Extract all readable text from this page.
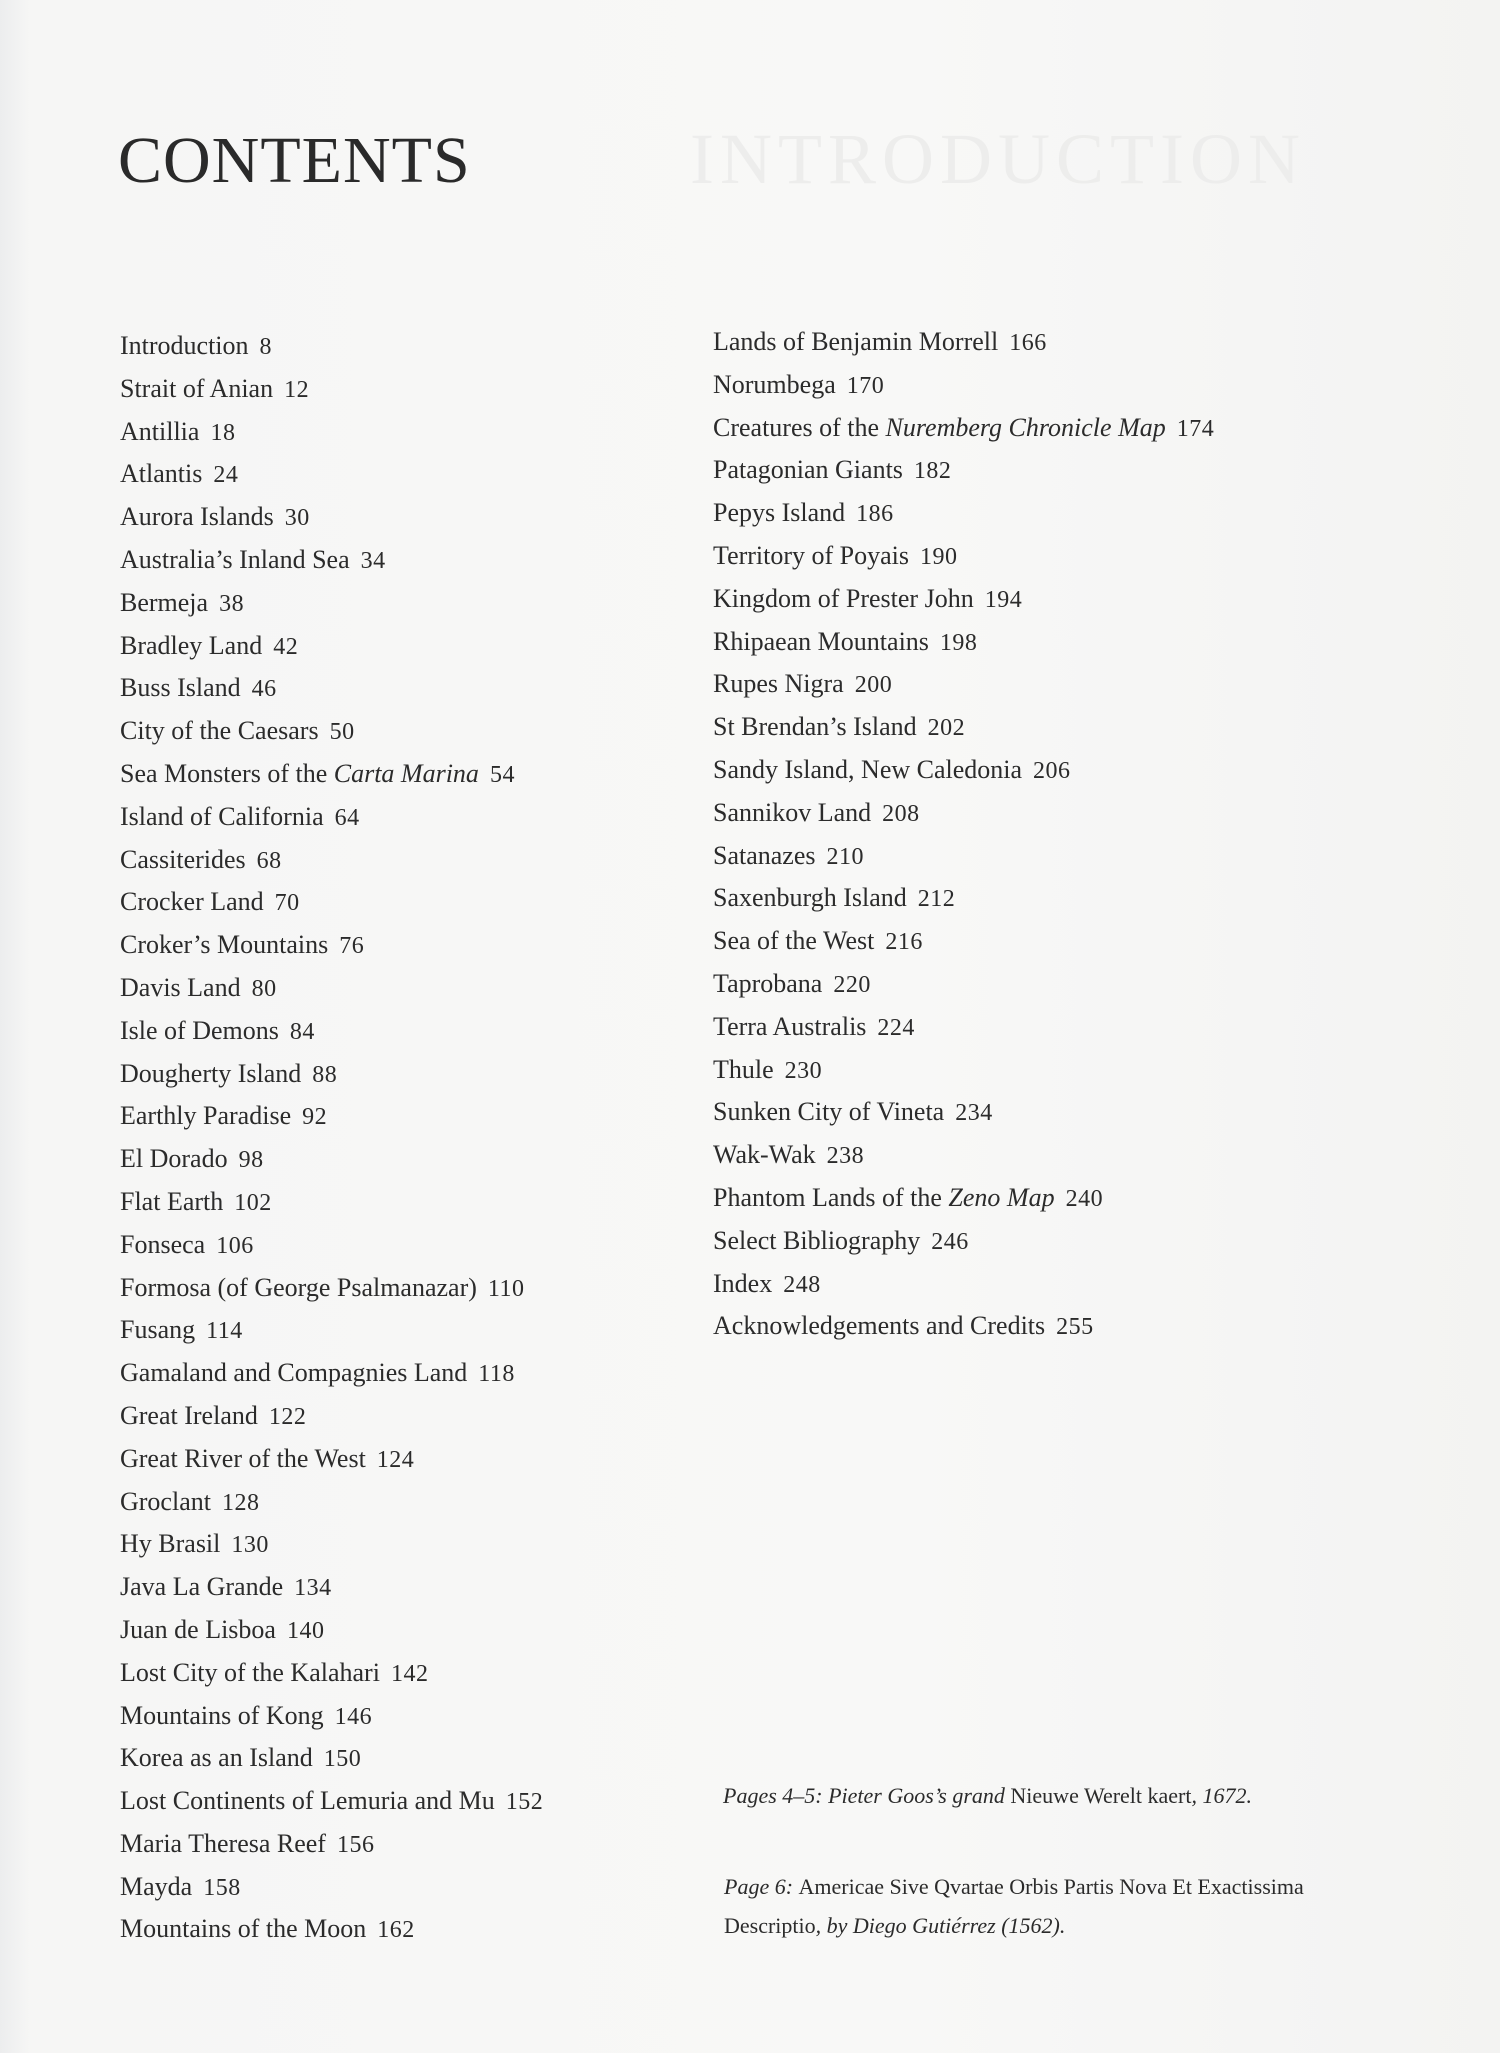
INTRODUCTION
CONTENTS
Introduction 8
Strait of Anian 12
Antillia 18
Atlantis 24
Aurora Islands 30
Australia’s Inland Sea 34
Bermeja 38
Bradley Land 42
Buss Island 46
City of the Caesars 50
Sea Monsters of the Carta Marina 54
Island of California 64
Cassiterides 68
Crocker Land 70
Croker’s Mountains 76
Davis Land 80
Isle of Demons 84
Dougherty Island 88
Earthly Paradise 92
El Dorado 98
Flat Earth 102
Fonseca 106
Formosa (of George Psalmanazar) 110
Fusang 114
Gamaland and Compagnies Land 118
Great Ireland 122
Great River of the West 124
Groclant 128
Hy Brasil 130
Java La Grande 134
Juan de Lisboa 140
Lost City of the Kalahari 142
Mountains of Kong 146
Korea as an Island 150
Lost Continents of Lemuria and Mu 152
Maria Theresa Reef 156
Mayda 158
Mountains of the Moon 162
Lands of Benjamin Morrell 166
Norumbega 170
Creatures of the Nuremberg Chronicle Map 174
Patagonian Giants 182
Pepys Island 186
Territory of Poyais 190
Kingdom of Prester John 194
Rhipaean Mountains 198
Rupes Nigra 200
St Brendan’s Island 202
Sandy Island, New Caledonia 206
Sannikov Land 208
Satanazes 210
Saxenburgh Island 212
Sea of the West 216
Taprobana 220
Terra Australis 224
Thule 230
Sunken City of Vineta 234
Wak-Wak 238
Phantom Lands of the Zeno Map 240
Select Bibliography 246
Index 248
Acknowledgements and Credits 255

Pages 4–5: Pieter Goos’s grand Nieuwe Werelt kaert, 1672.

Page 6: Americae Sive Qvartae Orbis Partis Nova Et Exactissima Descriptio, by Diego Gutiérrez (1562).
